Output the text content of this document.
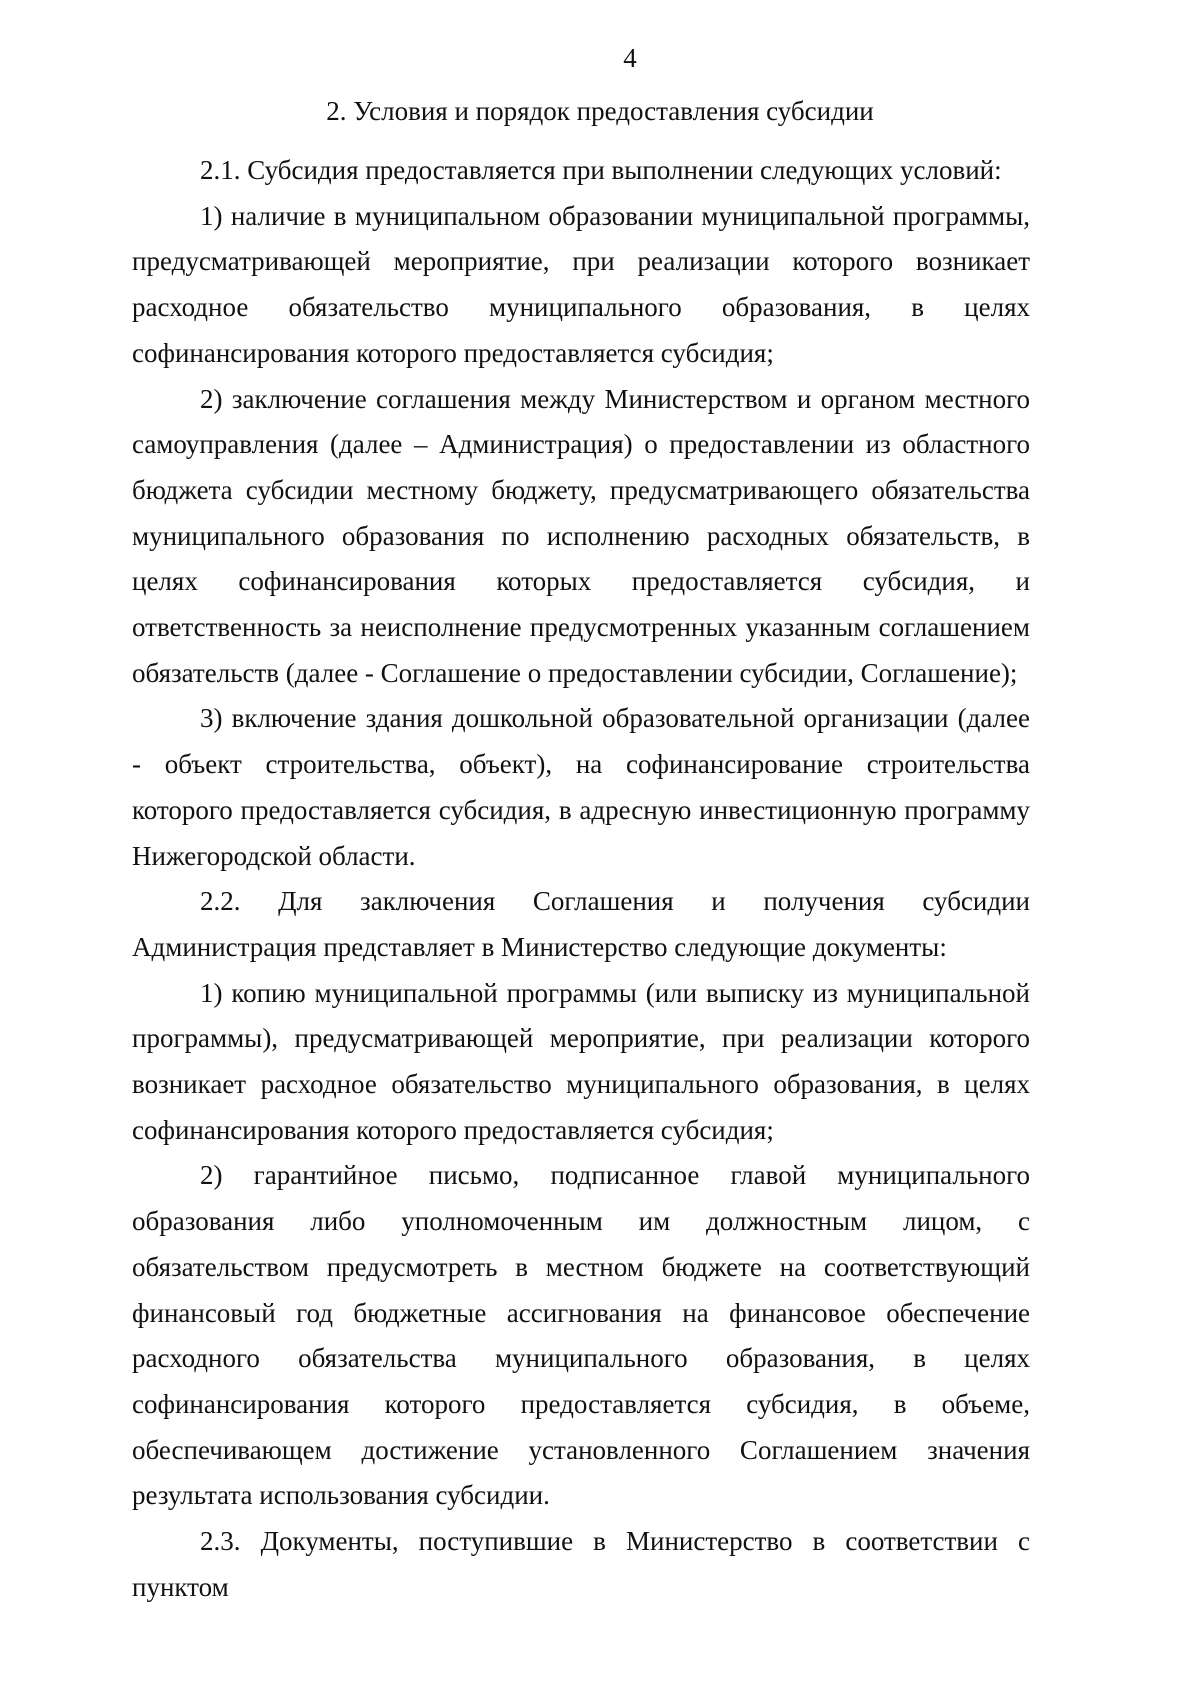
4
2. Условия и порядок предоставления субсидии

2.1. Субсидия предоставляется при выполнении следующих условий:

1) наличие в муниципальном образовании муниципальной программы, предусматривающей мероприятие, при реализации которого возникает расходное обязательство муниципального образования, в целях софинансирования которого предоставляется субсидия;

2) заключение соглашения между Министерством и органом местного самоуправления (далее – Администрация) о предоставлении из областного бюджета субсидии местному бюджету, предусматривающего обязательства муниципального образования по исполнению расходных обязательств, в целях софинансирования которых предоставляется субсидия, и ответственность за неисполнение предусмотренных указанным соглашением обязательств (далее - Соглашение о предоставлении субсидии, Соглашение);

3) включение здания дошкольной образовательной организации (далее - объект строительства, объект), на софинансирование строительства которого предоставляется субсидия, в адресную инвестиционную программу Нижегородской области.

2.2. Для заключения Соглашения и получения субсидии Администрация представляет в Министерство следующие документы:

1) копию муниципальной программы (или выписку из муниципальной программы), предусматривающей мероприятие, при реализации которого возникает расходное обязательство муниципального образования, в целях софинансирования которого предоставляется субсидия;

2) гарантийное письмо, подписанное главой муниципального образования либо уполномоченным им должностным лицом, с обязательством предусмотреть в местном бюджете на соответствующий финансовый год бюджетные ассигнования на финансовое обеспечение расходного обязательства муниципального образования, в целях софинансирования которого предоставляется субсидия, в объеме, обеспечивающем достижение установленного Соглашением значения результата использования субсидии.

2.3. Документы, поступившие в Министерство в соответствии с пунктом
